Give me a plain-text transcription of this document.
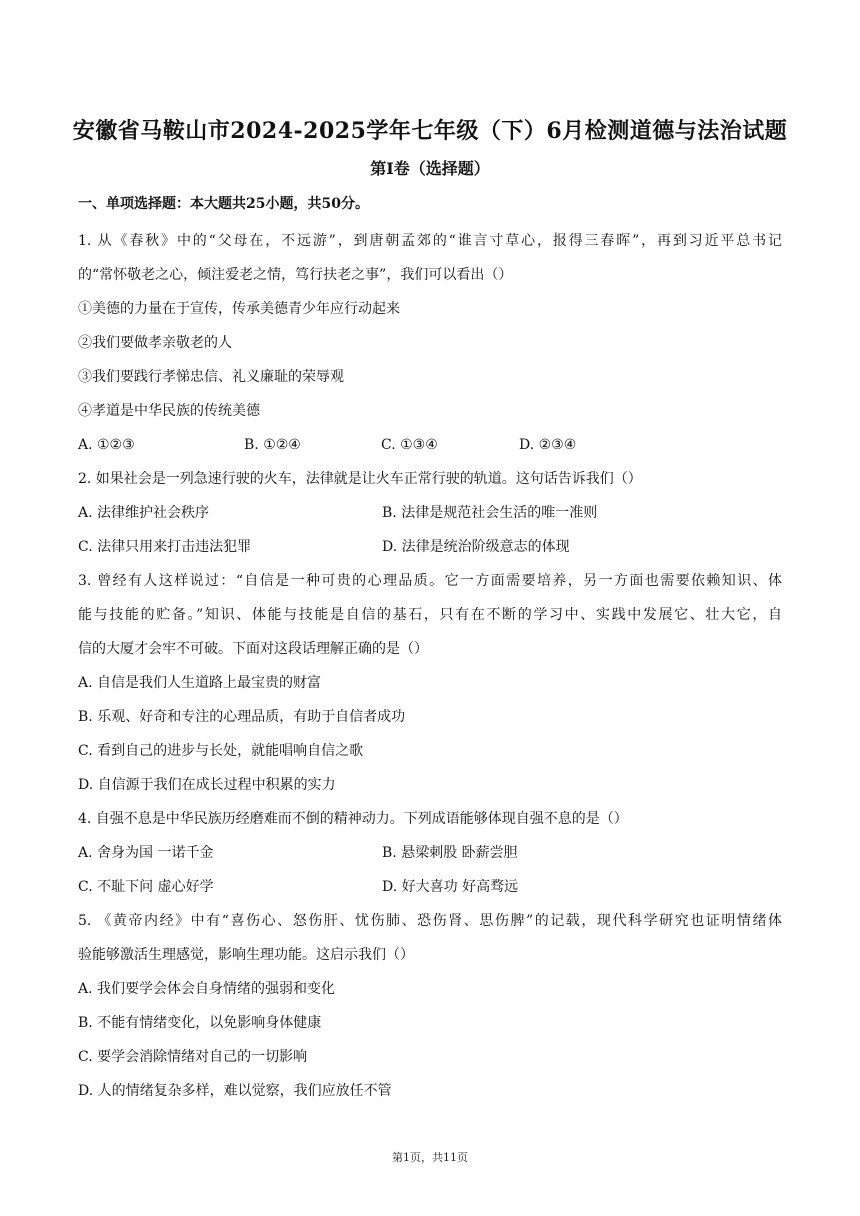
安徽省马鞍山市2024-2025学年七年级（下）6月检测道德与法治试题
第I卷（选择题）
一、单项选择题：本大题共25小题，共50分。
1. 从《春秋》中的“父母在，不远游”，到唐朝孟郊的“谁言寸草心，报得三春晖”，再到习近平总书记
的“常怀敬老之心，倾注爱老之情，笃行扶老之事”，我们可以看出（）
①美德的力量在于宣传，传承美德青少年应行动起来
②我们要做孝亲敬老的人
③我们要践行孝悌忠信、礼义廉耻的荣辱观
④孝道是中华民族的传统美德
A. ①②③	B. ①②④	C. ①③④	D. ②③④
2. 如果社会是一列急速行驶的火车，法律就是让火车正常行驶的轨道。这句话告诉我们（）
A. 法律维护社会秩序	B. 法律是规范社会生活的唯一准则
C. 法律只用来打击违法犯罪	D. 法律是统治阶级意志的体现
3. 曾经有人这样说过：“自信是一种可贵的心理品质。它一方面需要培养，另一方面也需要依赖知识、体
能与技能的贮备。”知识、体能与技能是自信的基石，只有在不断的学习中、实践中发展它、壮大它，自
信的大厦才会牢不可破。下面对这段话理解正确的是（）
A. 自信是我们人生道路上最宝贵的财富
B. 乐观、好奇和专注的心理品质，有助于自信者成功
C. 看到自己的进步与长处，就能唱响自信之歌
D. 自信源于我们在成长过程中积累的实力
4. 自强不息是中华民族历经磨难而不倒的精神动力。下列成语能够体现自强不息的是（）
A. 舍身为国 一诺千金	B. 悬梁刺股 卧薪尝胆
C. 不耻下问 虚心好学	D. 好大喜功 好高骛远
5. 《黄帝内经》中有“喜伤心、怒伤肝、忧伤肺、恐伤肾、思伤脾”的记载，现代科学研究也证明情绪体
验能够激活生理感觉，影响生理功能。这启示我们（）
A. 我们要学会体会自身情绪的强弱和变化
B. 不能有情绪变化，以免影响身体健康
C. 要学会消除情绪对自己的一切影响
D. 人的情绪复杂多样，难以觉察，我们应放任不管
第1页，共11页
